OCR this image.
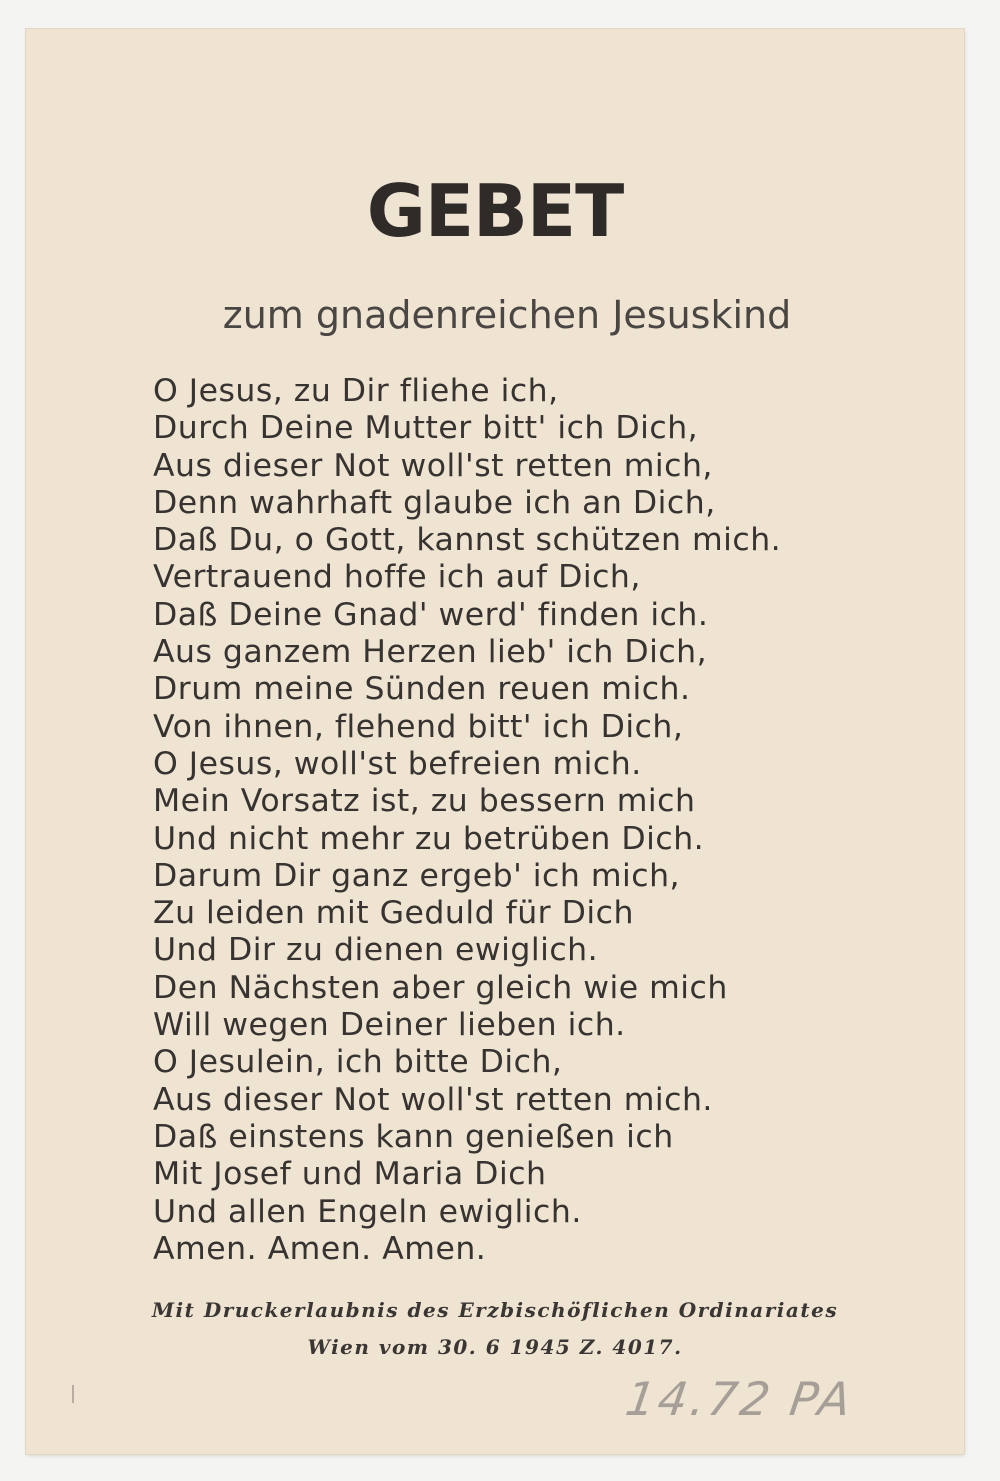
GEBET
zum gnadenreichen Jesuskind
O Jesus, zu Dir fliehe ich,
Durch Deine Mutter bitt' ich Dich,
Aus dieser Not woll'st retten mich,
Denn wahrhaft glaube ich an Dich,
Daß Du, o Gott, kannst schützen mich.
Vertrauend hoffe ich auf Dich,
Daß Deine Gnad' werd' finden ich.
Aus ganzem Herzen lieb' ich Dich,
Drum meine Sünden reuen mich.
Von ihnen, flehend bitt' ich Dich,
O Jesus, woll'st befreien mich.
Mein Vorsatz ist, zu bessern mich
Und nicht mehr zu betrüben Dich.
Darum Dir ganz ergeb' ich mich,
Zu leiden mit Geduld für Dich
Und Dir zu dienen ewiglich.
Den Nächsten aber gleich wie mich
Will wegen Deiner lieben ich.
O Jesulein, ich bitte Dich,
Aus dieser Not woll'st retten mich.
Daß einstens kann genießen ich
Mit Josef und Maria Dich
Und allen Engeln ewiglich.
Amen. Amen. Amen.
Mit Druckerlaubnis des Erzbischöflichen Ordinariates
Wien vom 30. 6 1945 Z. 4017.
14.72 PA
